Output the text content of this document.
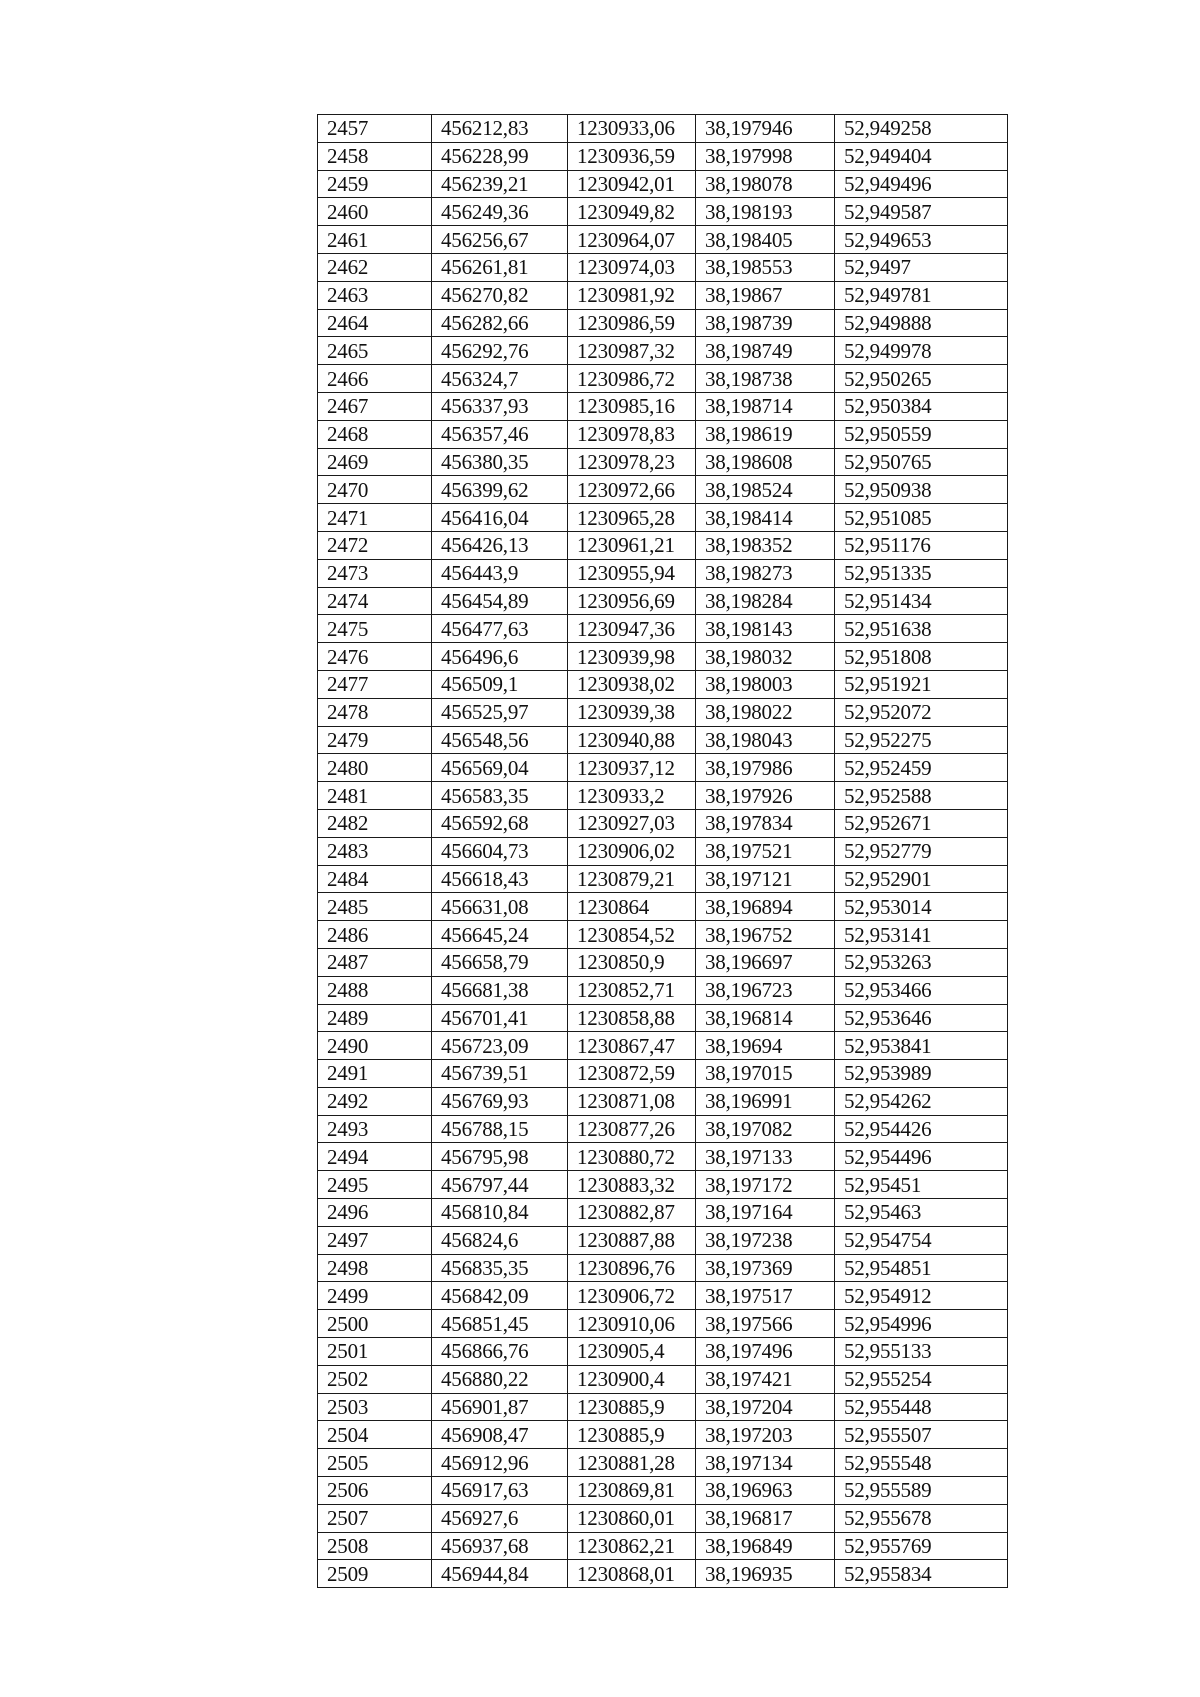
2457	456212,83	1230933,06	38,197946	52,949258
2458	456228,99	1230936,59	38,197998	52,949404
2459	456239,21	1230942,01	38,198078	52,949496
2460	456249,36	1230949,82	38,198193	52,949587
2461	456256,67	1230964,07	38,198405	52,949653
2462	456261,81	1230974,03	38,198553	52,9497
2463	456270,82	1230981,92	38,19867	52,949781
2464	456282,66	1230986,59	38,198739	52,949888
2465	456292,76	1230987,32	38,198749	52,949978
2466	456324,7	1230986,72	38,198738	52,950265
2467	456337,93	1230985,16	38,198714	52,950384
2468	456357,46	1230978,83	38,198619	52,950559
2469	456380,35	1230978,23	38,198608	52,950765
2470	456399,62	1230972,66	38,198524	52,950938
2471	456416,04	1230965,28	38,198414	52,951085
2472	456426,13	1230961,21	38,198352	52,951176
2473	456443,9	1230955,94	38,198273	52,951335
2474	456454,89	1230956,69	38,198284	52,951434
2475	456477,63	1230947,36	38,198143	52,951638
2476	456496,6	1230939,98	38,198032	52,951808
2477	456509,1	1230938,02	38,198003	52,951921
2478	456525,97	1230939,38	38,198022	52,952072
2479	456548,56	1230940,88	38,198043	52,952275
2480	456569,04	1230937,12	38,197986	52,952459
2481	456583,35	1230933,2	38,197926	52,952588
2482	456592,68	1230927,03	38,197834	52,952671
2483	456604,73	1230906,02	38,197521	52,952779
2484	456618,43	1230879,21	38,197121	52,952901
2485	456631,08	1230864	38,196894	52,953014
2486	456645,24	1230854,52	38,196752	52,953141
2487	456658,79	1230850,9	38,196697	52,953263
2488	456681,38	1230852,71	38,196723	52,953466
2489	456701,41	1230858,88	38,196814	52,953646
2490	456723,09	1230867,47	38,19694	52,953841
2491	456739,51	1230872,59	38,197015	52,953989
2492	456769,93	1230871,08	38,196991	52,954262
2493	456788,15	1230877,26	38,197082	52,954426
2494	456795,98	1230880,72	38,197133	52,954496
2495	456797,44	1230883,32	38,197172	52,95451
2496	456810,84	1230882,87	38,197164	52,95463
2497	456824,6	1230887,88	38,197238	52,954754
2498	456835,35	1230896,76	38,197369	52,954851
2499	456842,09	1230906,72	38,197517	52,954912
2500	456851,45	1230910,06	38,197566	52,954996
2501	456866,76	1230905,4	38,197496	52,955133
2502	456880,22	1230900,4	38,197421	52,955254
2503	456901,87	1230885,9	38,197204	52,955448
2504	456908,47	1230885,9	38,197203	52,955507
2505	456912,96	1230881,28	38,197134	52,955548
2506	456917,63	1230869,81	38,196963	52,955589
2507	456927,6	1230860,01	38,196817	52,955678
2508	456937,68	1230862,21	38,196849	52,955769
2509	456944,84	1230868,01	38,196935	52,955834
